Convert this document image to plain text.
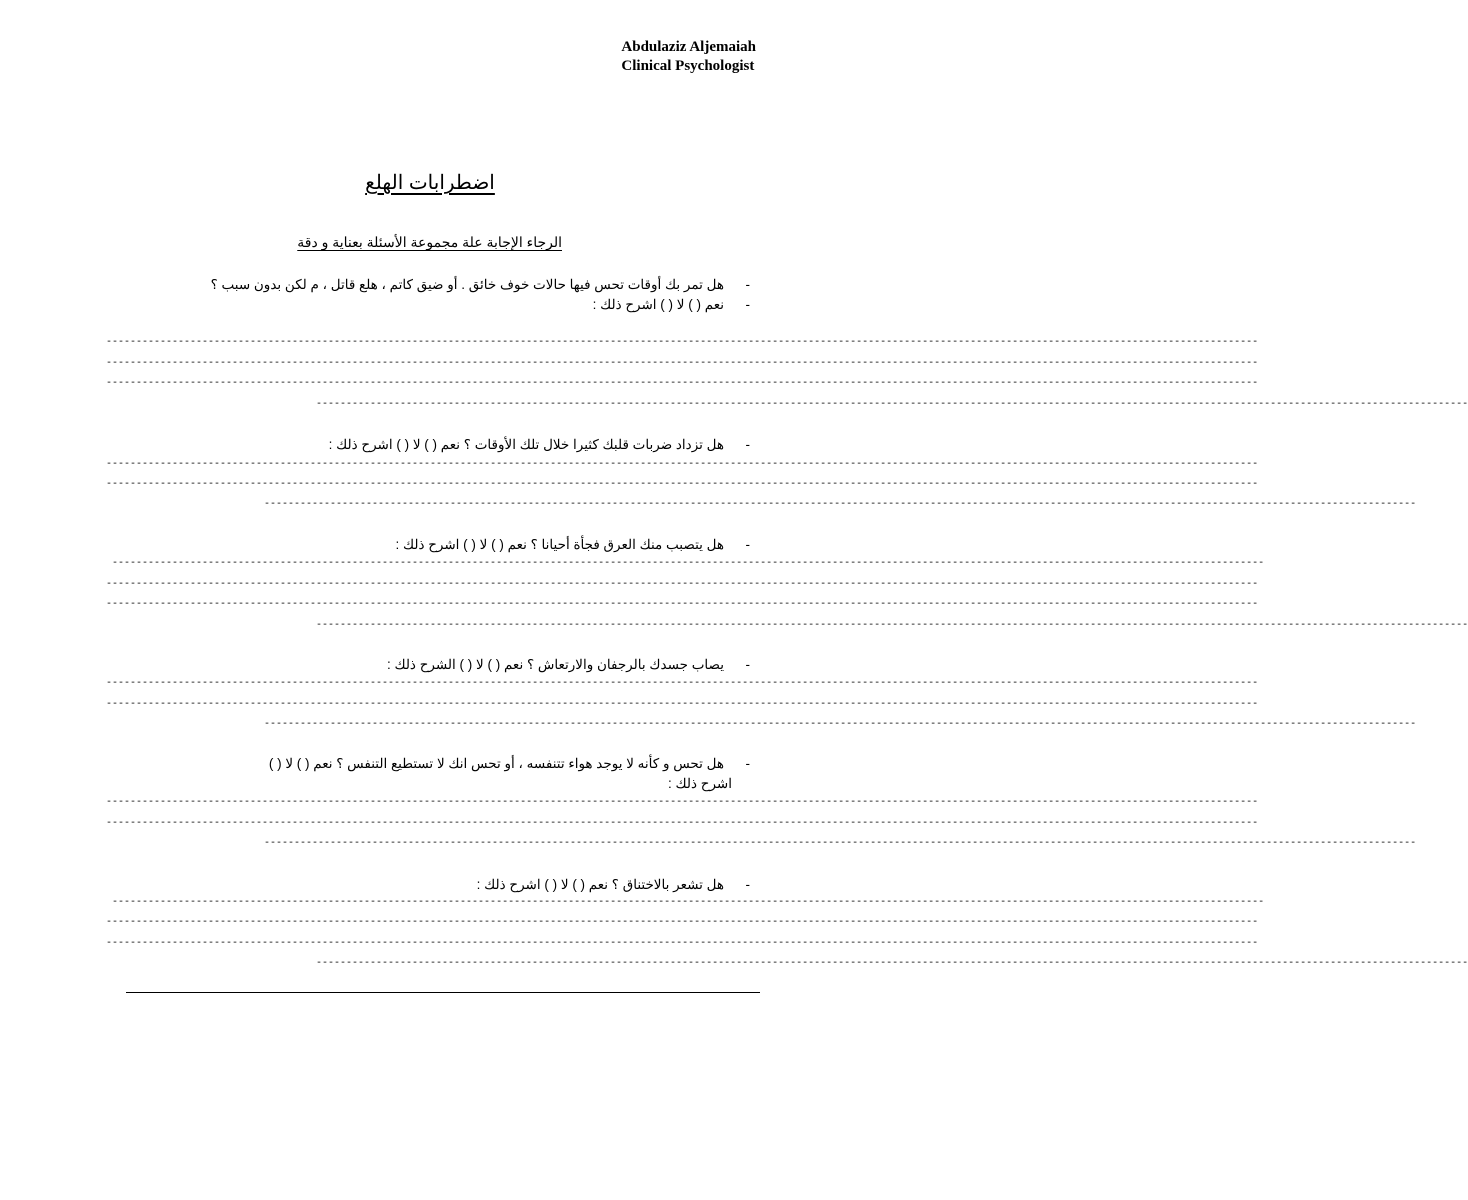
Abdulaziz Aljemaiah
Clinical Psychologist
اضطرابات الهلع
الرجاء الإجابة علة مجموعة الأسئلة بعناية و دقة
-هل تمر بك أوقات تحس فيها حالات خوف خائق . أو ضيق كاتم ، هلع قاتل ، م لكن بدون سبب ؟
-نعم ( ) لا ( ) اشرح ذلك :
------------------------------------------------------------------------------------------------------------------------------------------------------------------------------------------------
------------------------------------------------------------------------------------------------------------------------------------------------------------------------------------------------
------------------------------------------------------------------------------------------------------------------------------------------------------------------------------------------------
------------------------------------------------------------------------------------------------------------------------------------------------------------------------------------------------
-هل تزداد ضربات قلبك كثيرا خلال تلك الأوقات ؟ نعم ( ) لا ( ) اشرح ذلك :
------------------------------------------------------------------------------------------------------------------------------------------------------------------------------------------------
------------------------------------------------------------------------------------------------------------------------------------------------------------------------------------------------
------------------------------------------------------------------------------------------------------------------------------------------------------------------------------------------------
-هل يتصبب منك العرق فجأة أحيانا ؟ نعم ( ) لا ( ) اشرح ذلك :
------------------------------------------------------------------------------------------------------------------------------------------------------------------------------------------------
------------------------------------------------------------------------------------------------------------------------------------------------------------------------------------------------
------------------------------------------------------------------------------------------------------------------------------------------------------------------------------------------------
------------------------------------------------------------------------------------------------------------------------------------------------------------------------------------------------
-يصاب جسدك بالرجفان والارتعاش ؟ نعم ( ) لا ( ) الشرح ذلك :
------------------------------------------------------------------------------------------------------------------------------------------------------------------------------------------------
------------------------------------------------------------------------------------------------------------------------------------------------------------------------------------------------
------------------------------------------------------------------------------------------------------------------------------------------------------------------------------------------------
-هل تحس و كأنه لا يوجد هواء تتنفسه ، أو تحس انك لا تستطيع التنفس ؟ نعم ( ) لا ( )
اشرح ذلك :
------------------------------------------------------------------------------------------------------------------------------------------------------------------------------------------------
------------------------------------------------------------------------------------------------------------------------------------------------------------------------------------------------
------------------------------------------------------------------------------------------------------------------------------------------------------------------------------------------------
-هل تشعر بالاختناق ؟ نعم ( ) لا ( ) اشرح ذلك :
------------------------------------------------------------------------------------------------------------------------------------------------------------------------------------------------
------------------------------------------------------------------------------------------------------------------------------------------------------------------------------------------------
------------------------------------------------------------------------------------------------------------------------------------------------------------------------------------------------
------------------------------------------------------------------------------------------------------------------------------------------------------------------------------------------------
